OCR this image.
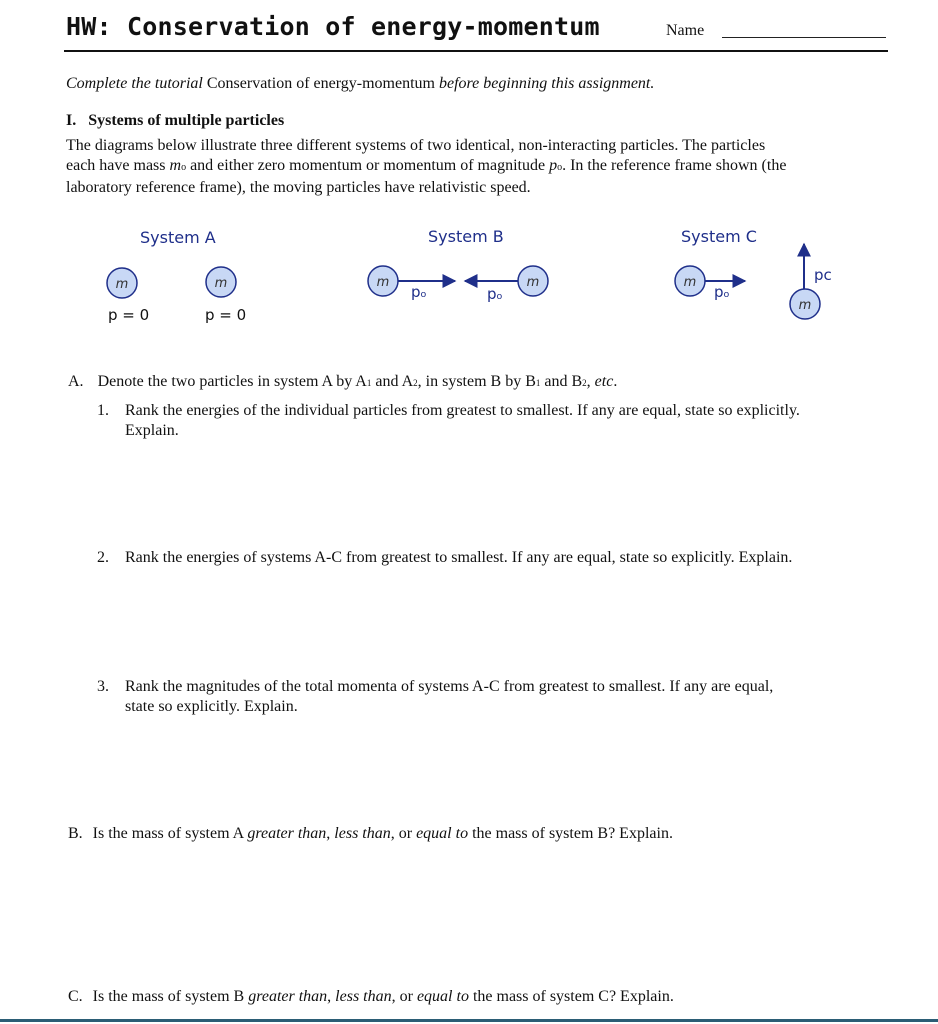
HW: Conservation of energy-momentum	Name
Complete the tutorial Conservation of energy-momentum before beginning this assignment.
I.   Systems of multiple particles
The diagrams below illustrate three different systems of two identical, non-interacting particles. The particles
each have mass mo and either zero momentum or momentum of magnitude po. In the reference frame shown (the
laboratory reference frame), the moving particles have relativistic speed.
System A	System B	System C
m	m	m	m	m
m
p = 0	p = 0
pₒ	pₒ	pₒ
pc
A. Denote the two particles in system A by A1 and A2, in system B by B1 and B2, etc.
1. Rank the energies of the individual particles from greatest to smallest. If any are equal, state so explicitly.
Explain.
2. Rank the energies of systems A-C from greatest to smallest. If any are equal, state so explicitly. Explain.
3. Rank the magnitudes of the total momenta of systems A-C from greatest to smallest. If any are equal,
state so explicitly. Explain.
B. Is the mass of system A greater than, less than, or equal to the mass of system B? Explain.
C. Is the mass of system B greater than, less than, or equal to the mass of system C? Explain.
